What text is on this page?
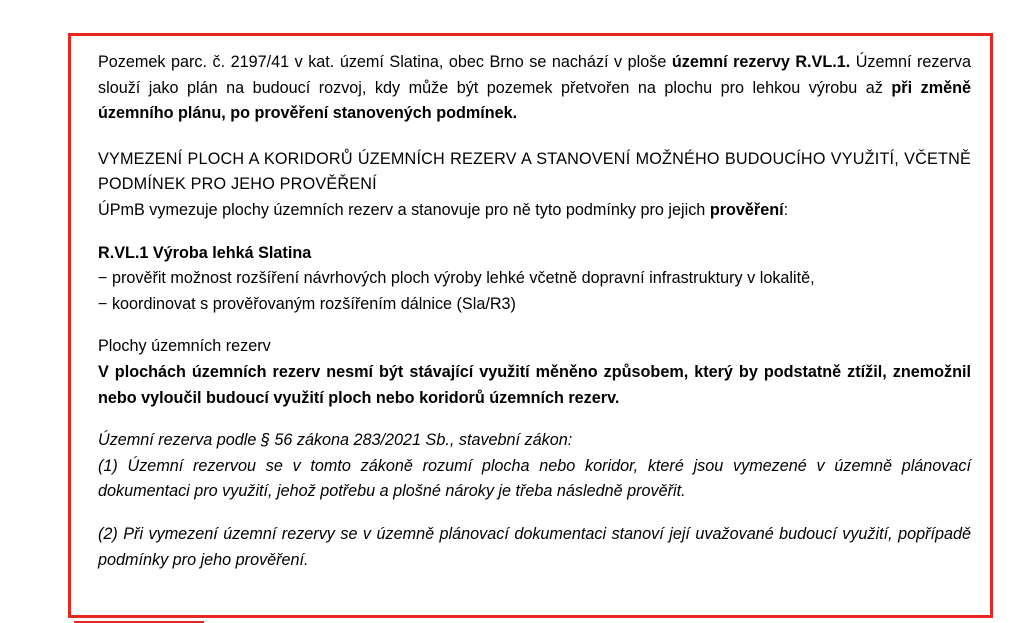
Pozemek parc. č. 2197/41 v kat. území Slatina, obec Brno se nachází v ploše územní rezervy R.VL.1. Územní rezerva slouží jako plán na budoucí rozvoj, kdy může být pozemek přetvořen na plochu pro lehkou výrobu až při změně územního plánu, po prověření stanovených podmínek.

VYMEZENÍ PLOCH A KORIDORŮ ÚZEMNÍCH REZERV A STANOVENÍ MOŽNÉHO BUDOUCÍHO VYUŽITÍ, VČETNĚ PODMÍNEK PRO JEHO PROVĚŘENÍ

ÚPmB vymezuje plochy územních rezerv a stanovuje pro ně tyto podmínky pro jejich prověření:

R.VL.1 Výroba lehká Slatina

− prověřit možnost rozšíření návrhových ploch výroby lehké včetně dopravní infrastruktury v lokalitě,

− koordinovat s prověřovaným rozšířením dálnice (Sla/R3)

Plochy územních rezerv

V plochách územních rezerv nesmí být stávající využití měněno způsobem, který by podstatně ztížil, znemožnil nebo vyloučil budoucí využití ploch nebo koridorů územních rezerv.

Územní rezerva podle § 56 zákona 283/2021 Sb., stavební zákon:

(1) Územní rezervou se v tomto zákoně rozumí plocha nebo koridor, které jsou vymezené v územně plánovací dokumentaci pro využití, jehož potřebu a plošné nároky je třeba následně prověřit.

(2) Při vymezení územní rezervy se v územně plánovací dokumentaci stanoví její uvažované budoucí využití, popřípadě podmínky pro jeho prověření.
